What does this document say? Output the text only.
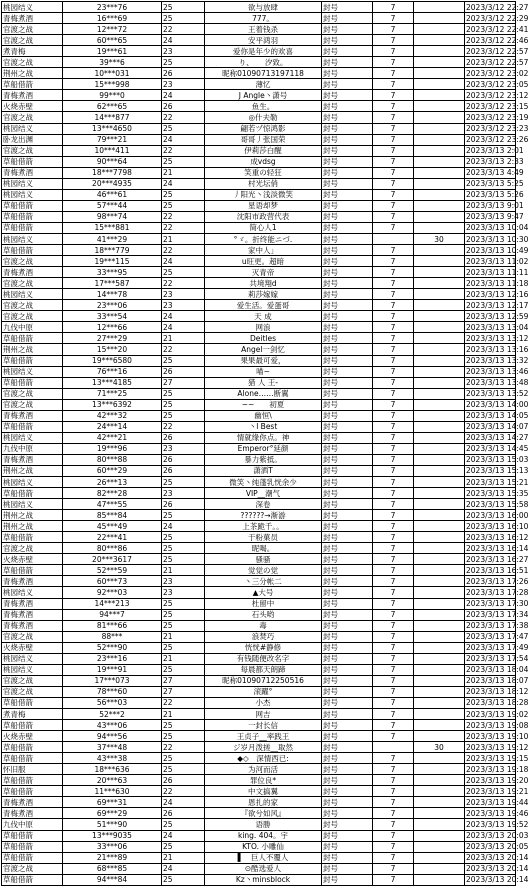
桃园结义	23***76	25	欲与放肆	封号	7		2023/3/12 22:27
青梅煮酒	16***69	25	777。	封号	7		2023/3/12 22:29
官渡之战	12***72	22	王着钱杀	封号	7		2023/3/12 22:41
官渡之战	60***65	24	安平鸿羽	封号	7		2023/3/12 22:46
煮青梅	19***61	23	爱你是年少的欢喜	封号	7		2023/3/12 22:57
官渡之战	39***6	25	り、　　汐致。	封号	7		2023/3/12 22:57
荆州之战	10***031	26	昵称01090713197118	封号	7		2023/3/12 23:02
草船借箭	15***998	23	薄忆	封号	7		2023/3/12 23:05
青梅煮酒	99***0	24	J Angle丶潇号	封号	7		2023/3/12 23:12
火烧赤壁	62***65	26	鱼生。	封号	7		2023/3/12 23:15
官渡之战	14***877	22	◎什夫勒	封号	7		2023/3/12 23:19
桃园结义	13***4650	25	翩若ヅ惊鸿影	封号	7		2023/3/12 23:23
卧龙出渊	79***21	24	哥哥丿张国荣	封号	7		2023/3/12 23:26
官渡之战	10***411	22	伊莉莎白醒	封号	7		2023/3/13 2:01
草船借箭	90***64	25	成vdsg	封号	7		2023/3/13 2:33
青梅煮酒	18***7798	21	笑重の轻狂	封号	7		2023/3/13 4:49
桃园结义	20***4935	24	村光坛俏	封号	7		2023/3/13 5:25
桃园结义	46***61	25	丿阳光丶浅淡微笑	封号	7		2023/3/13 5:26
草船借箭	57***44	25	星语却梦	封号	7		2023/3/13 9:01
草船借箭	98***74	22	沈阳市政营代表	封号	7		2023/3/13 9:47
草船借箭	15***881	22	简心人1	封号	7		2023/3/13 10:04
桃园结义	41***29	21	°ゞ。折终能ニづ.	封号		30	2023/3/13 10:30
草船借箭	18***779	22	家中人」	封号	7		2023/3/13 10:49
官渡之战	19***115	24	u旺更。超暗	封号	7		2023/3/13 11:02
青梅煮酒	33***95	25	灭青帝	封号	7		2023/3/13 11:11
官渡之战	17***587	22	共境翔d	封号	7		2023/3/13 11:18
桃园结义	14***78	23	莉莎嫁嫁	封号	7		2023/3/13 12:16
官渡之战	23***06	23	爱生活。爱蛋哥	封号	7		2023/3/13 12:17
官渡之战	33***54	24	天 成	封号	7		2023/3/13 12:59
九伐中原	12***66	24	网浪	封号	7		2023/3/13 13:04
草船借箭	27***29	21	Deitles	封号	7		2023/3/13 13:12
荆州之战	15***20	22	Angel一剑忆	封号	7		2023/3/13 13:16
草船借箭	19***6580	25	果果最可爱，	封号	7		2023/3/13 13:32
桃园结义	76***16	26	喵~	封号	7		2023/3/13 13:46
草船借箭	13***4185	27	猎 人 王-	封号	7		2023/3/13 13:48
官渡之战	71***25	25	Alone……断翼	封号	7		2023/3/13 13:52
官渡之战	13***6392	25	~~　　初夏	封号	7		2023/3/13 14:00
青梅煮酒	42***32	25	幽恒\	封号	7		2023/3/13 14:05
草船借箭	24***14	22	丶l Best	封号	7		2023/3/13 14:07
桃园结义	42***21	26	情就缘你点。神	封号	7		2023/3/13 14:27
九伐中原	19***96	23	Emperor°延颜	封号	7		2023/3/13 14:45
青梅煮酒	80***88	26	暴力紫抵。	封号	7		2023/3/13 15:03
荆州之战	60***29	26	潇洒T	封号	7		2023/3/13 15:13
桃园结义	26***13	25	微笑丶纯蓬乳恍余少	封号	7		2023/3/13 15:21
草船借箭	82***28	23	VIP__潮气	封号	7		2023/3/13 15:35
桃园结义	47***55	26	深卷	封号	7		2023/3/13 15:58
荆州之战	85***84	25	??????→渐游	封号	7		2023/3/13 16:00
荆州之战	45***49	24	上茶跪千。。	封号	7		2023/3/13 16:10
草船借箭	22***41	25	于粉菓员	封号	7		2023/3/13 16:12
官渡之战	80***86	25	昵喝。	封号	7		2023/3/13 16:14
火烧赤壁	20***3617	25	骚骚	封号	7		2023/3/13 16:27
草船借箭	52***59	21	觉觉の觉	封号	7		2023/3/13 16:51
青梅煮酒	60***73	23	丶三分帐二	封号	7		2023/3/13 17:26
桃园结义	92***03	23	▲大号	封号	7		2023/3/13 17:28
青梅煮酒	14***213	25	杜留中	封号	7		2023/3/13 17:30
青梅煮酒	94***7	25	石头哟	封号	7		2023/3/13 17:34
青梅煮酒	81***66	25	毒	封号	7		2023/3/13 17:38
官渡之战	88***	21	浪焚巧	封号	7		2023/3/13 17:47
火烧赤壁	52***90	25	恍恍#静修	封号	7		2023/3/13 17:49
桃园结义	23***16	21	有钱随便改名字	封号	7		2023/3/13 17:54
桃园结义	19***91	25	每晨都天朗蹄	封号	7		2023/3/13 18:04
官渡之战	17***073	27	昵称01090712250516	封号	7		2023/3/13 18:07
官渡之战	78***60	27	滚躍°	封号	7		2023/3/13 18:12
草船借箭	56***03	22	小杰	封号	7		2023/3/13 18:28
煮青梅	52***2	21	网吉	封号	7		2023/3/13 19:02
草船借箭	43***06	25	一封长信	封号	7		2023/3/13 19:08
火烧赤壁	94***56	25	王贞子__率践王	封号	7		2023/3/13 19:10
草船借箭	37***48	22	ジ岁月泼搓__取然	封号		30	2023/3/13 19:12
草船借箭	43***38	25	◆◇　深情西已:	封号	7		2023/3/13 19:15
怀旧服	18***636	25	为河而活	封号	7		2023/3/13 19:18
草船借箭	20***63	26	罪位良*	封号	7		2023/3/13 19:20
草船借箭	11***630	22	中文搞翼	封号	7		2023/3/13 19:21
青梅煮酒	69***31	24	恩扎的家	封号	7		2023/3/13 19:44
青梅煮酒	69***29	26	『欲兮如风』	封号	7		2023/3/13 19:46
九伐中原	51***90	25	语勝	封号	7		2023/3/13 19:52
草船借箭	13***9035	24	king. 404。宇	封号	7		2023/3/13 20:03
草船借箭	33***06	25	KTO. 小雕仙	封号	7		2023/3/13 20:05
草船借箭	21***89	21	▌　巨人不覆人	封号	7		2023/3/13 20:14
官渡之战	68***85	24	⊙酷选爱人	封号	7		2023/3/13 20:14
草船借箭	94***84	25	Kz丶minsblock	封号	7		2023/3/13 20:14
